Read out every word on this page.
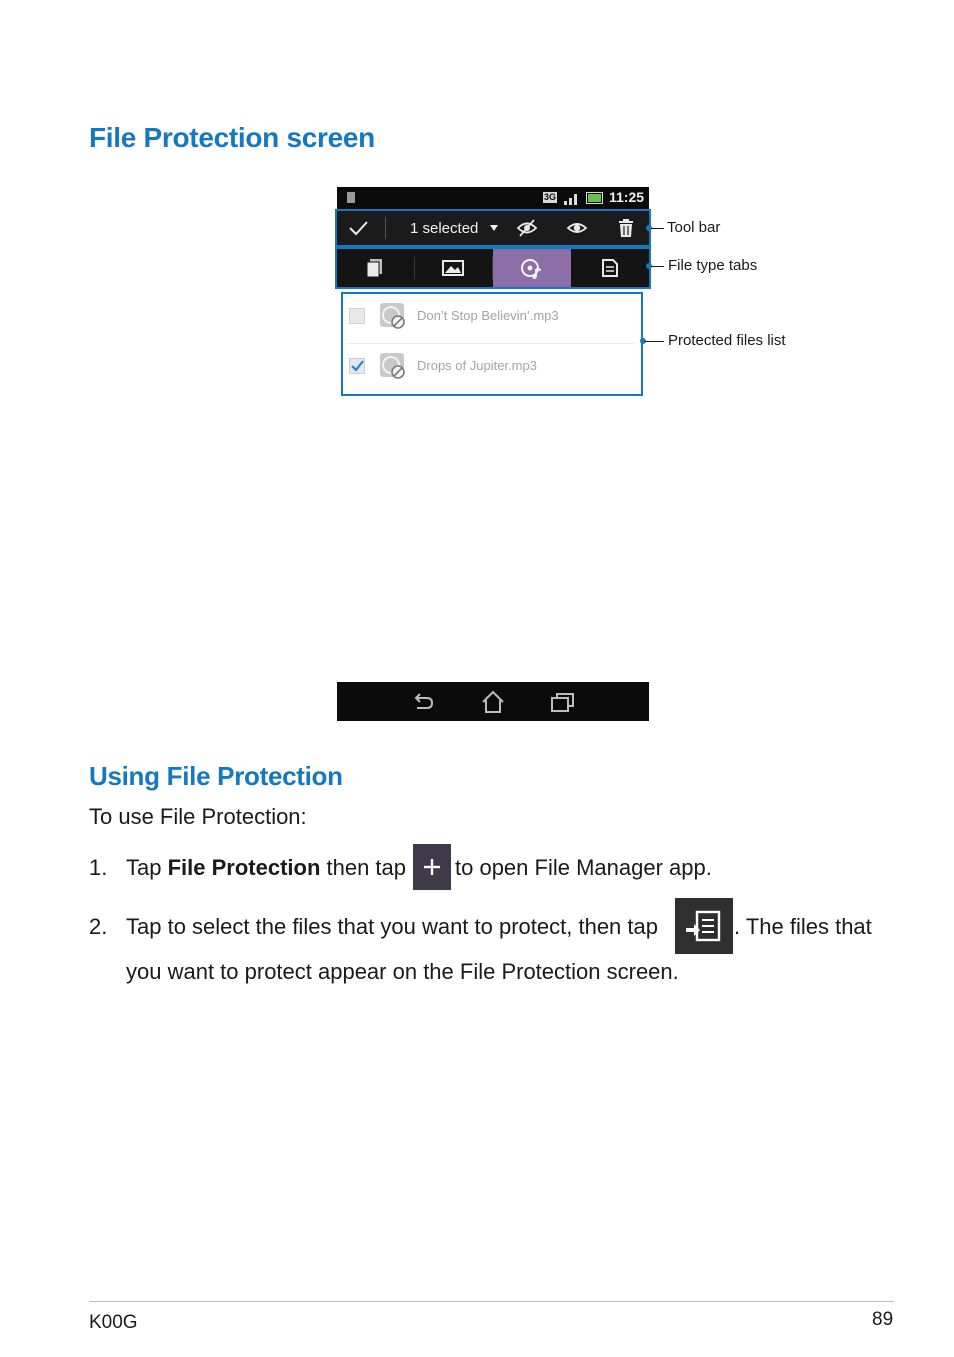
File Protection screen
3G	11:25
1 selected
Don’t Stop Believin’.mp3
Drops of Jupiter.mp3
Tool bar
File type tabs
Protected files list
Using File Protection
To use File Protection:
1. Tap File Protection then tap to open File Manager app.
2. Tap to select the files that you want to protect, then tap	. The files that
you want to protect appear on the File Protection screen.
K00G	89
